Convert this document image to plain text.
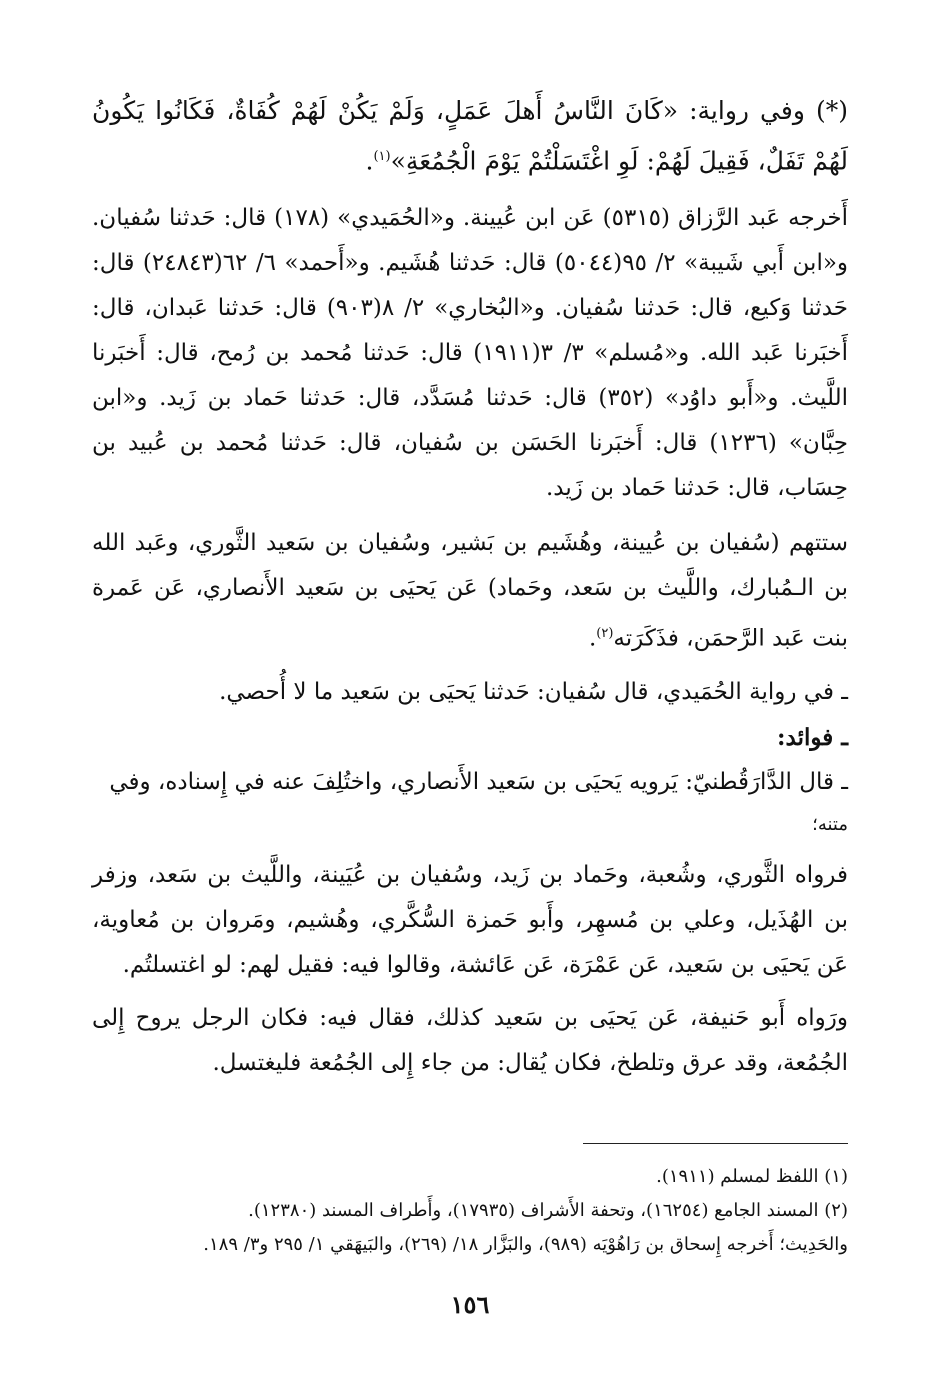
(*) وفي رواية: «كَانَ النَّاسُ أَهلَ عَمَلٍ، وَلَمْ يَكُنْ لَهُمْ كُفَاةٌ، فَكَانُوا يَكُونُ لَهُمْ تَفَلٌ، فَقِيلَ لَهُمْ: لَوِ اغْتَسَلْتُمْ يَوْمَ الْجُمُعَةِ»$^{(١)}$.

أَخرجه عَبد الرَّزاق (٥٣١٥) عَن ابن عُيينة. و«الحُمَيدي» (١٧٨) قال: حَدثنا سُفيان. و«ابن أَبي شَيبة» ٢/ ٩٥(٥٠٤٤) قال: حَدثنا هُشَيم. و«أَحمد» ٦/ ٦٢(٢٤٨٤٣) قال: حَدثنا وَكيع، قال: حَدثنا سُفيان. و«البُخاري» ٢/ ٨(٩٠٣) قال: حَدثنا عَبدان، قال: أَخبَرنا عَبد الله. و«مُسلم» ٣/ ٣(١٩١١) قال: حَدثنا مُحمد بن رُمح، قال: أَخبَرنا اللَّيث. و«أَبو داوُد» (٣٥٢) قال: حَدثنا مُسَدَّد، قال: حَدثنا حَماد بن زَيد. و«ابن حِبَّان» (١٢٣٦) قال: أَخبَرنا الحَسَن بن سُفيان، قال: حَدثنا مُحمد بن عُبيد بن حِسَاب، قال: حَدثنا حَماد بن زَيد.

ستتهم (سُفيان بن عُيينة، وهُشَيم بن بَشير، وسُفيان بن سَعيد الثَّوري، وعَبد الله بن الـمُبارك، واللَّيث بن سَعد، وحَماد) عَن يَحيَى بن سَعيد الأَنصاري، عَن عَمرة بنت عَبد الرَّحمَن، فذَكَرَته$^{(٢)}$.

ـ في رواية الحُمَيدي، قال سُفيان: حَدثنا يَحيَى بن سَعيد ما لا أُحصي.

ـ فوائد:

ـ قال الدَّارَقُطنيّ: يَرويه يَحيَى بن سَعيد الأَنصاري، واختُلِفَ عنه في إِسناده، وفي

متنه؛

فرواه الثَّوري، وشُعبة، وحَماد بن زَيد، وسُفيان بن عُيَينة، واللَّيث بن سَعد، وزفر بن الهُذَيل، وعلي بن مُسهِر، وأَبو حَمزة السُّكَّري، وهُشيم، ومَروان بن مُعاوية، عَن يَحيَى بن سَعيد، عَن عَمْرَة، عَن عَائشة، وقالوا فيه: فقيل لهم: لو اغتسلتُم.

ورَواه أَبو حَنيفة، عَن يَحيَى بن سَعيد كذلك، فقال فيه: فكان الرجل يروح إِلى الجُمُعة، وقد عرق وتلطخ، فكان يُقال: من جاء إِلى الجُمُعة فليغتسل.

(١) اللفظ لمسلم (١٩١١).

(٢) المسند الجامع (١٦٢٥٤)، وتحفة الأَشراف (١٧٩٣٥)، وأَطراف المسند (١٢٣٨٠).

والحَدِيث؛ أَخرجه إِسحاق بن رَاهُوْيَه (٩٨٩)، والبَزَّار ١٨/ (٢٦٩)، والبَيهَقي ١/ ٢٩٥ و٣/ ١٨٩.

١٥٦
